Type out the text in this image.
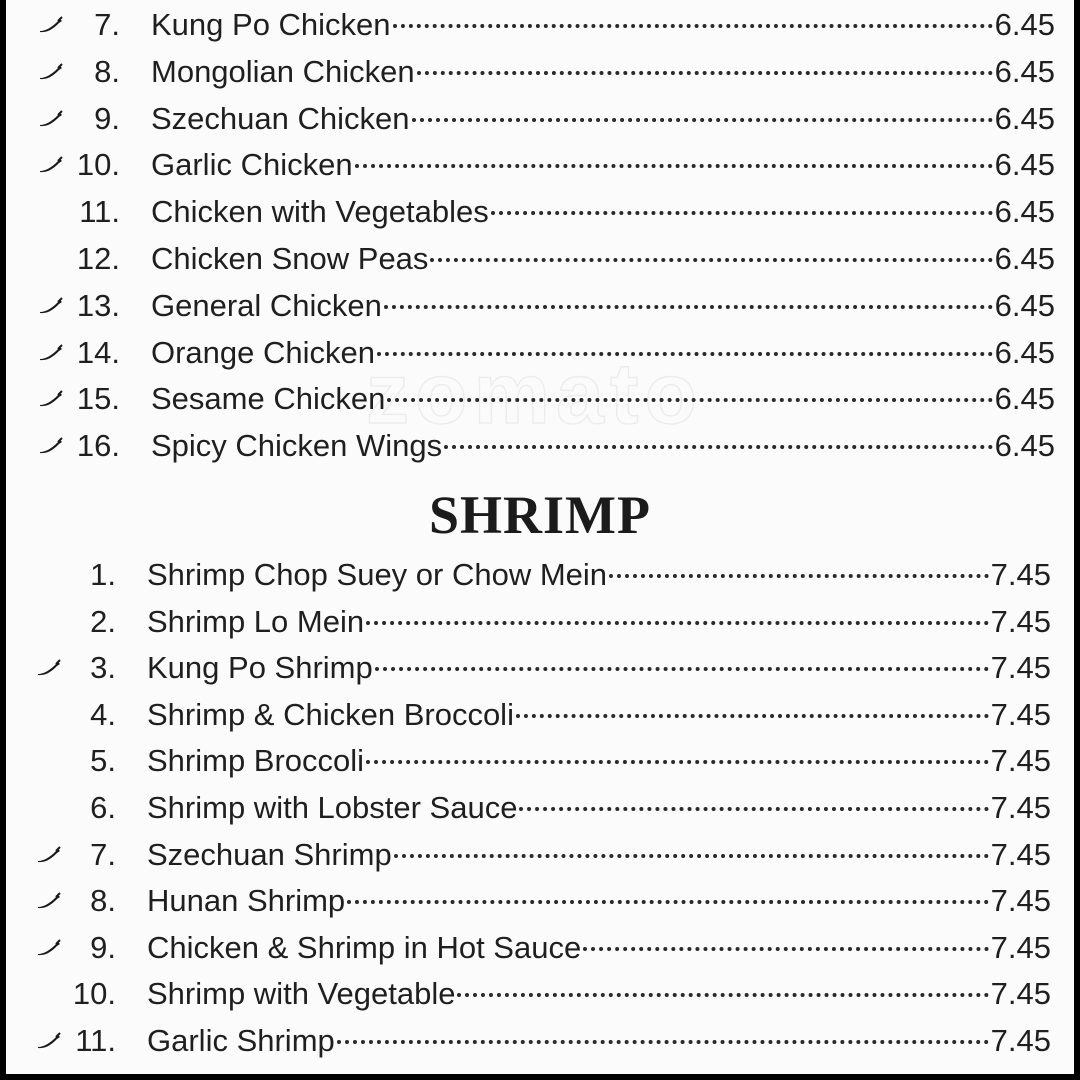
zomato
7. Kung Po Chicken	6.45
8. Mongolian Chicken	6.45
9. Szechuan Chicken	6.45
10. Garlic Chicken	6.45
11. Chicken with Vegetables	6.45
12. Chicken Snow Peas	6.45
13. General Chicken	6.45
14. Orange Chicken	6.45
15. Sesame Chicken	6.45
16. Spicy Chicken Wings	6.45
SHRIMP
1. Shrimp Chop Suey or Chow Mein	7.45
2. Shrimp Lo Mein	7.45
3. Kung Po Shrimp	7.45
4. Shrimp & Chicken Broccoli	7.45
5. Shrimp Broccoli	7.45
6. Shrimp with Lobster Sauce	7.45
7. Szechuan Shrimp	7.45
8. Hunan Shrimp	7.45
9. Chicken & Shrimp in Hot Sauce	7.45
10. Shrimp with Vegetable	7.45
11. Garlic Shrimp	7.45
